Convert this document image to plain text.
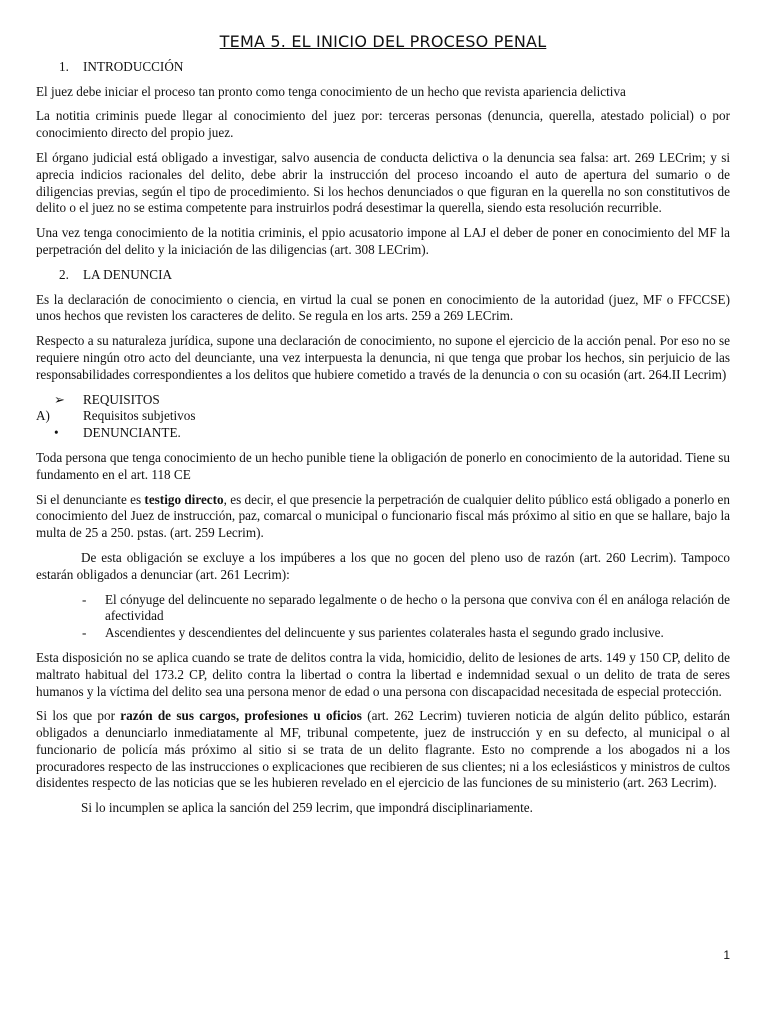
TEMA 5. EL INICIO DEL PROCESO PENAL
1.	INTRODUCCIÓN

El juez debe iniciar el proceso tan pronto como tenga conocimiento de un hecho que revista apariencia delictiva

La notitia criminis puede llegar al conocimiento del juez por: terceras personas (denuncia, querella, atestado policial) o por conocimiento directo del propio juez.

El órgano judicial está obligado a investigar, salvo ausencia de conducta delictiva o la denuncia sea falsa: art. 269 LECrim; y si aprecia indicios racionales del delito, debe abrir la instrucción del proceso incoando el auto de apertura del sumario o de diligencias previas, según el tipo de procedimiento. Si los hechos denunciados o que figuran en la querella no son constitutivos de delito o el juez no se estima competente para instruirlos podrá desestimar la querella, siendo esta resolución recurrible.

Una vez tenga conocimiento de la notitia criminis, el ppio acusatorio impone al LAJ el deber de poner en conocimiento del MF la perpetración del delito y la iniciación de las diligencias (art. 308 LECrim).

2.	LA DENUNCIA

Es la declaración de conocimiento o ciencia, en virtud la cual se ponen en conocimiento de la autoridad (juez, MF o FFCCSE) unos hechos que revisten los caracteres de delito. Se regula en los arts. 259 a 269 LECrim.

Respecto a su naturaleza jurídica, supone una declaración de conocimiento, no supone el ejercicio de la acción penal. Por eso no se requiere ningún otro acto del deunciante, una vez interpuesta la denuncia, ni que tenga que probar los hechos, sin perjuicio de las responsabilidades correspondientes a los delitos que hubiere cometido a través de la denuncia o con su ocasión (art. 264.II Lecrim)

➢	REQUISITOS
A)	Requisitos subjetivos
•	DENUNCIANTE.

Toda persona que tenga conocimiento de un hecho punible tiene la obligación de ponerlo en conocimiento de la autoridad. Tiene su fundamento en el art. 118 CE

Si el denunciante es testigo directo, es decir, el que presencie la perpetración de cualquier delito público está obligado a ponerlo en conocimiento del Juez de instrucción, paz, comarcal o municipal o funcionario fiscal más próximo al sitio en que se hallare, bajo la multa de 25 a 250. pstas. (art. 259 Lecrim).

De esta obligación se excluye a los impúberes a los que no gocen del pleno uso de razón (art. 260 Lecrim). Tampoco estarán obligados a denunciar (art. 261 Lecrim):

-	El cónyuge del delincuente no separado legalmente o de hecho o la persona que conviva con él en análoga relación de afectividad
-	Ascendientes y descendientes del delincuente y sus parientes colaterales hasta el segundo grado inclusive.

Esta disposición no se aplica cuando se trate de delitos contra la vida, homicidio, delito de lesiones de arts. 149 y 150 CP, delito de maltrato habitual del 173.2 CP, delito contra la libertad o contra la libertad e indemnidad sexual o un delito de trata de seres humanos y la víctima del delito sea una persona menor de edad o una persona con discapacidad necesitada de especial protección.

Si los que por razón de sus cargos, profesiones u oficios (art. 262 Lecrim) tuvieren noticia de algún delito público, estarán obligados a denunciarlo inmediatamente al MF, tribunal competente, juez de instrucción y en su defecto, al municipal o al funcionario de policía más próximo al sitio si se trata de un delito flagrante. Esto no comprende a los abogados ni a los procuradores respecto de las instrucciones o explicaciones que recibieren de sus clientes; ni a los eclesiásticos y ministros de cultos disidentes respecto de las noticias que se les hubieren revelado en el ejercicio de las funciones de su ministerio (art. 263 Lecrim).

Si lo incumplen se aplica la sanción del 259 lecrim, que impondrá disciplinariamente.

1
